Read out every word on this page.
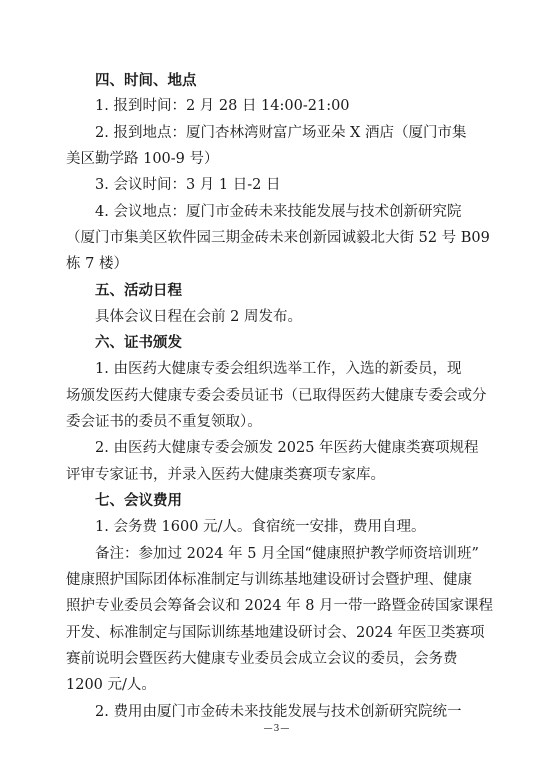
四、时间、地点
1. 报到时间：2 月 28 日 14:00-21:00
2. 报到地点：厦门杏林湾财富广场亚朵 X 酒店（厦门市集
美区勤学路 100-9 号）
3. 会议时间：3 月 1 日-2 日
4. 会议地点：厦门市金砖未来技能发展与技术创新研究院
（厦门市集美区软件园三期金砖未来创新园诚毅北大街 52 号 B09
栋 7 楼）
五、活动日程
具体会议日程在会前 2 周发布。
六、证书颁发
1. 由医药大健康专委会组织选举工作，入选的新委员，现
场颁发医药大健康专委会委员证书（已取得医药大健康专委会或分
委会证书的委员不重复领取）。
2. 由医药大健康专委会颁发 2025 年医药大健康类赛项规程
评审专家证书，并录入医药大健康类赛项专家库。
七、会议费用
1. 会务费 1600 元/人。食宿统一安排，费用自理。
备注：参加过 2024 年 5 月全国“健康照护教学师资培训班”
健康照护国际团体标准制定与训练基地建设研讨会暨护理、健康
照护专业委员会筹备会议和 2024 年 8 月一带一路暨金砖国家课程
开发、标准制定与国际训练基地建设研讨会、2024 年医卫类赛项
赛前说明会暨医药大健康专业委员会成立会议的委员，会务费
1200 元/人。
2. 费用由厦门市金砖未来技能发展与技术创新研究院统一
—3—
